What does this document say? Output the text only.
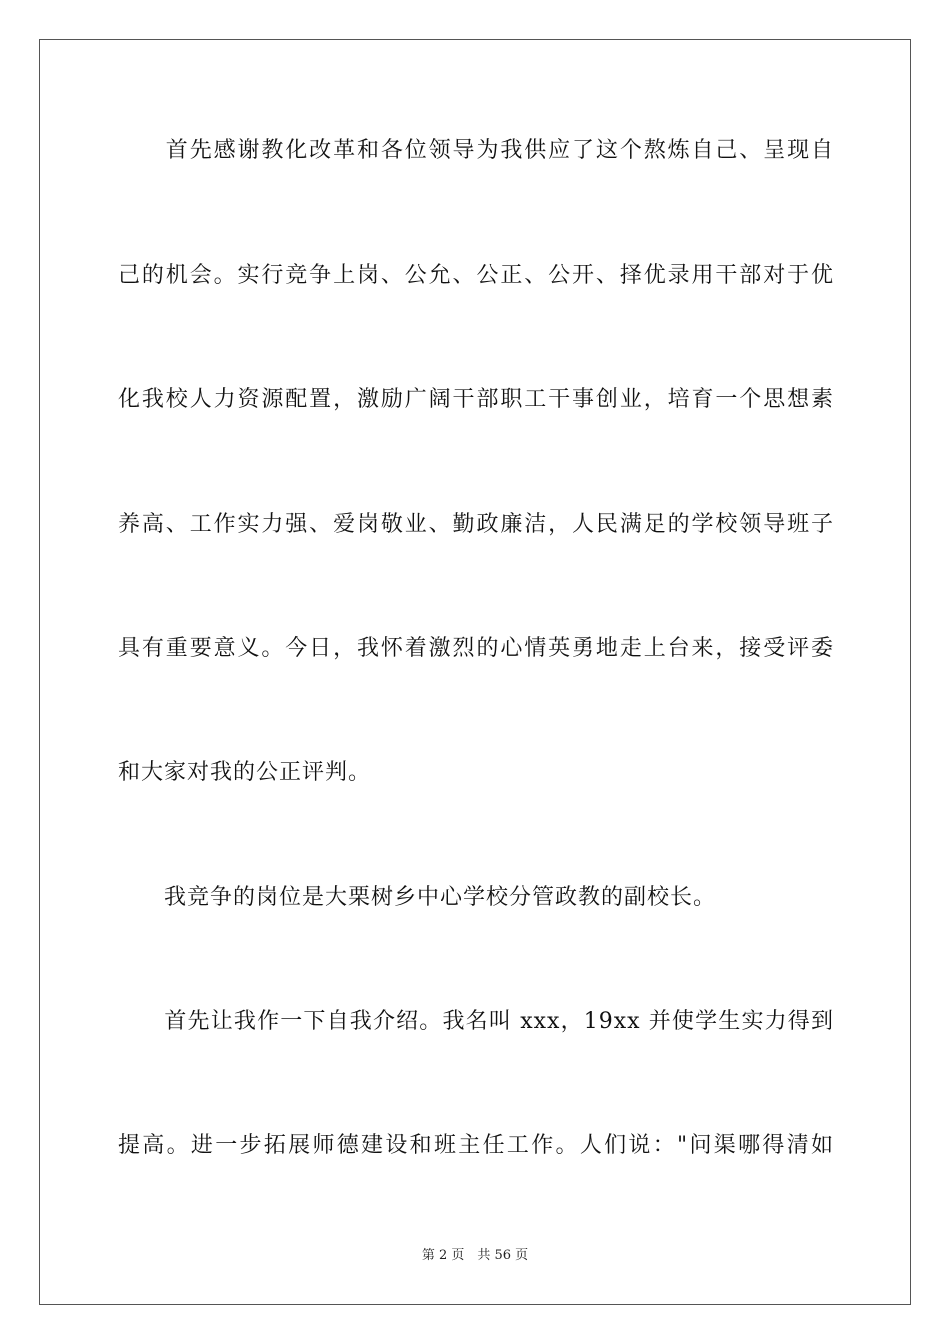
　　首先感谢教化改革和各位领导为我供应了这个熬炼自己、呈现自
己的机会。实行竞争上岗、公允、公正、公开、择优录用干部对于优
化我校人力资源配置，激励广阔干部职工干事创业，培育一个思想素
养高、工作实力强、爱岗敬业、勤政廉洁，人民满足的学校领导班子
具有重要意义。今日，我怀着激烈的心情英勇地走上台来，接受评委
和大家对我的公正评判。
　　我竞争的岗位是大栗树乡中心学校分管政教的副校长。
　　首先让我作一下自我介绍。我名叫 xxx，19xx 并使学生实力得到
提高。进一步拓展师德建设和班主任工作。人们说："问渠哪得清如
第 2 页　共 56 页
